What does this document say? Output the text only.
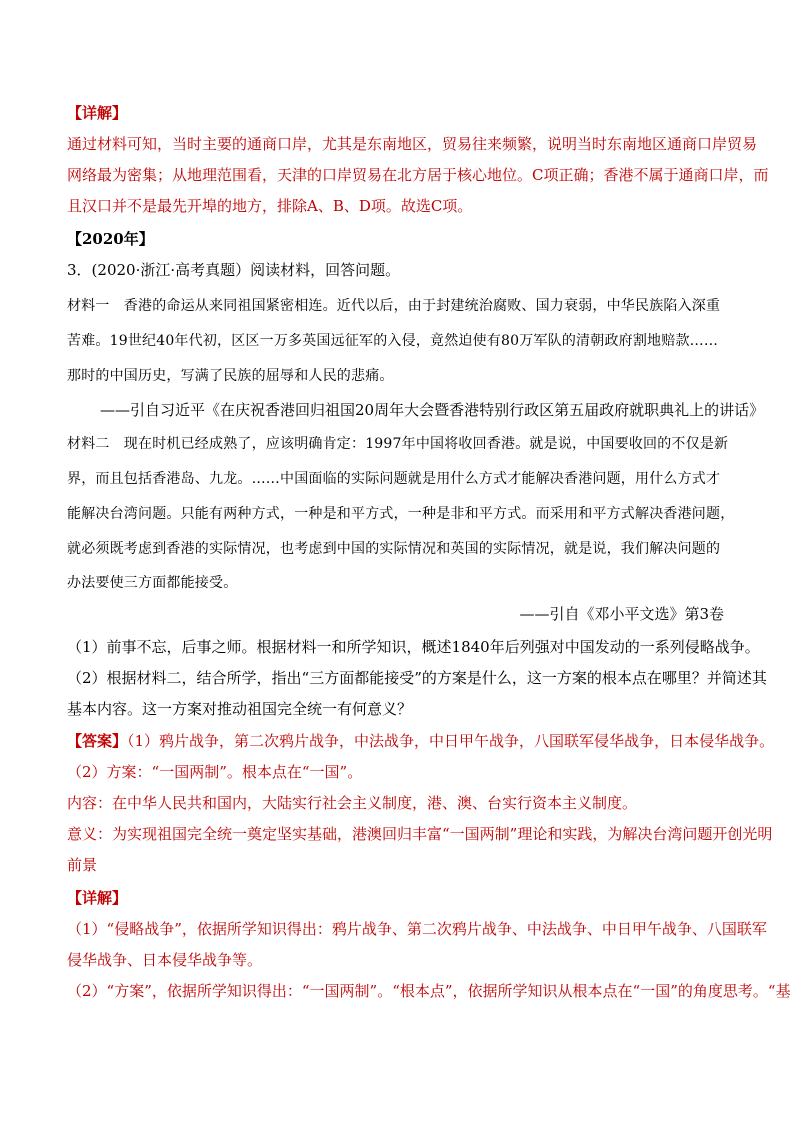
【详解】
通过材料可知，当时主要的通商口岸，尤其是东南地区，贸易往来频繁，说明当时东南地区通商口岸贸易
网络最为密集；从地理范围看，天津的口岸贸易在北方居于核心地位。C项正确；香港不属于通商口岸，而
且汉口并不是最先开埠的地方，排除A、B、D项。故选C项。
【2020年】
3．(2020·浙江·高考真题）阅读材料，回答问题。
材料一　香港的命运从来同祖国紧密相连。近代以后，由于封建统治腐败、国力衰弱，中华民族陷入深重
苦难。19世纪40年代初，区区一万多英国远征军的入侵，竟然迫使有80万军队的清朝政府割地赔款……
那时的中国历史，写满了民族的屈辱和人民的悲痛。
——引自习近平《在庆祝香港回归祖国20周年大会暨香港特别行政区第五届政府就职典礼上的讲话》
材料二　现在时机已经成熟了，应该明确肯定：1997年中国将收回香港。就是说，中国要收回的不仅是新
界，而且包括香港岛、九龙。……中国面临的实际问题就是用什么方式才能解决香港问题，用什么方式才
能解决台湾问题。只能有两种方式，一种是和平方式，一种是非和平方式。而采用和平方式解决香港问题，
就必须既考虑到香港的实际情况，也考虑到中国的实际情况和英国的实际情况，就是说，我们解决问题的
办法要使三方面都能接受。
——引自《邓小平文选》第3卷
（1）前事不忘，后事之师。根据材料一和所学知识，概述1840年后列强对中国发动的一系列侵略战争。
（2）根据材料二，结合所学，指出“三方面都能接受”的方案是什么，这一方案的根本点在哪里？并简述其
基本内容。这一方案对推动祖国完全统一有何意义？
【答案】（1）鸦片战争，第二次鸦片战争，中法战争，中日甲午战争，八国联军侵华战争，日本侵华战争。
（2）方案：“一国两制”。根本点在“一国”。
内容：在中华人民共和国内，大陆实行社会主义制度，港、澳、台实行资本主义制度。
意义：为实现祖国完全统一奠定坚实基础，港澳回归丰富“一国两制”理论和实践，为解决台湾问题开创光明
前景
【详解】
（1）“侵略战争”，依据所学知识得出：鸦片战争、第二次鸦片战争、中法战争、中日甲午战争、八国联军
侵华战争、日本侵华战争等。
（2）“方案”，依据所学知识得出：“一国两制”。“根本点”，依据所学知识从根本点在“一国”的角度思考。“基
